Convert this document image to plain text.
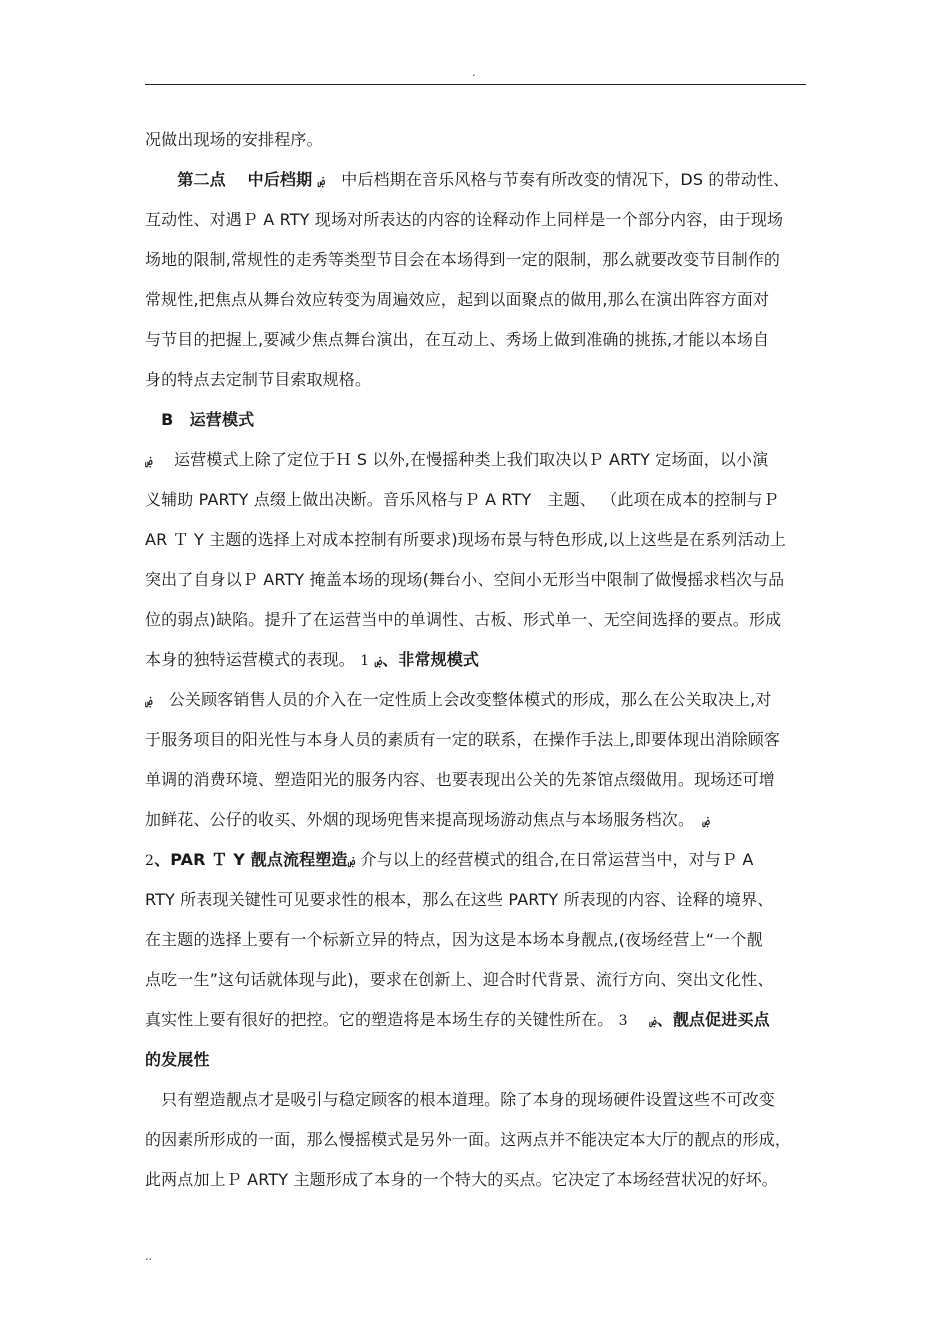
.
况做出现场的安排程序。
　　第二点　 中后档期 ۻ　中后档期在音乐风格与节奏有所改变的情况下，DS 的带动性、
互动性、对遇Ｐ A RTY 现场对所表达的内容的诠释动作上同样是一个部分内容，由于现场
场地的限制,常规性的走秀等类型节目会在本场得到一定的限制，那么就要改变节目制作的
常规性,把焦点从舞台效应转变为周遍效应，起到以面聚点的做用,那么在演出阵容方面对
与节目的把握上,要减少焦点舞台演出，在互动上、秀场上做到准确的挑拣,才能以本场自
身的特点去定制节目索取规格。
　B　运营模式
ۻ　 运营模式上除了定位于Ｈ S 以外,在慢摇种类上我们取决以Ｐ ARTY 定场面，以小演
义辅助 PARTY 点缀上做出决断。音乐风格与Ｐ A RTY　主题、 （此项在成本的控制与Ｐ
AR Ｔ Y 主题的选择上对成本控制有所要求)现场布景与特色形成,以上这些是在系列活动上
突出了自身以Ｐ ARTY 掩盖本场的现场(舞台小、空间小无形当中限制了做慢摇求档次与品
位的弱点)缺陷。提升了在运营当中的单调性、古板、形式单一、无空间选择的要点。形成
本身的独特运营模式的表现。 1 ۻ、非常规模式
ۻ　公关顾客销售人员的介入在一定性质上会改变整体模式的形成，那么在公关取决上,对
于服务项目的阳光性与本身人员的素质有一定的联系，在操作手法上,即要体现出消除顾客
单调的消费环境、塑造阳光的服务内容、也要表现出公关的先茶馆点缀做用。现场还可增
加鲜花、公仔的收买、外烟的现场兜售来提高现场游动焦点与本场服务档次。　 ۻ
2、PAR Ｔ Y 靓点流程塑造ۻ 介与以上的经营模式的组合,在日常运营当中，对与Ｐ A
RTY 所表现关键性可见要求性的根本，那么在这些 PARTY 所表现的内容、诠释的境界、
在主题的选择上要有一个标新立异的特点，因为这是本场本身靓点,(夜场经营上“一个靓
点吃一生”这句话就体现与此)，要求在创新上、迎合时代背景、流行方向、突出文化性、
真实性上要有很好的把控。它的塑造将是本场生存的关键性所在。 3　 ۻ、靓点促进买点
的发展性
　只有塑造靓点才是吸引与稳定顾客的根本道理。除了本身的现场硬件设置这些不可改变
的因素所形成的一面，那么慢摇模式是另外一面。这两点并不能决定本大厅的靓点的形成，
此两点加上Ｐ ARTY 主题形成了本身的一个特大的买点。它决定了本场经营状况的好坏。
..
